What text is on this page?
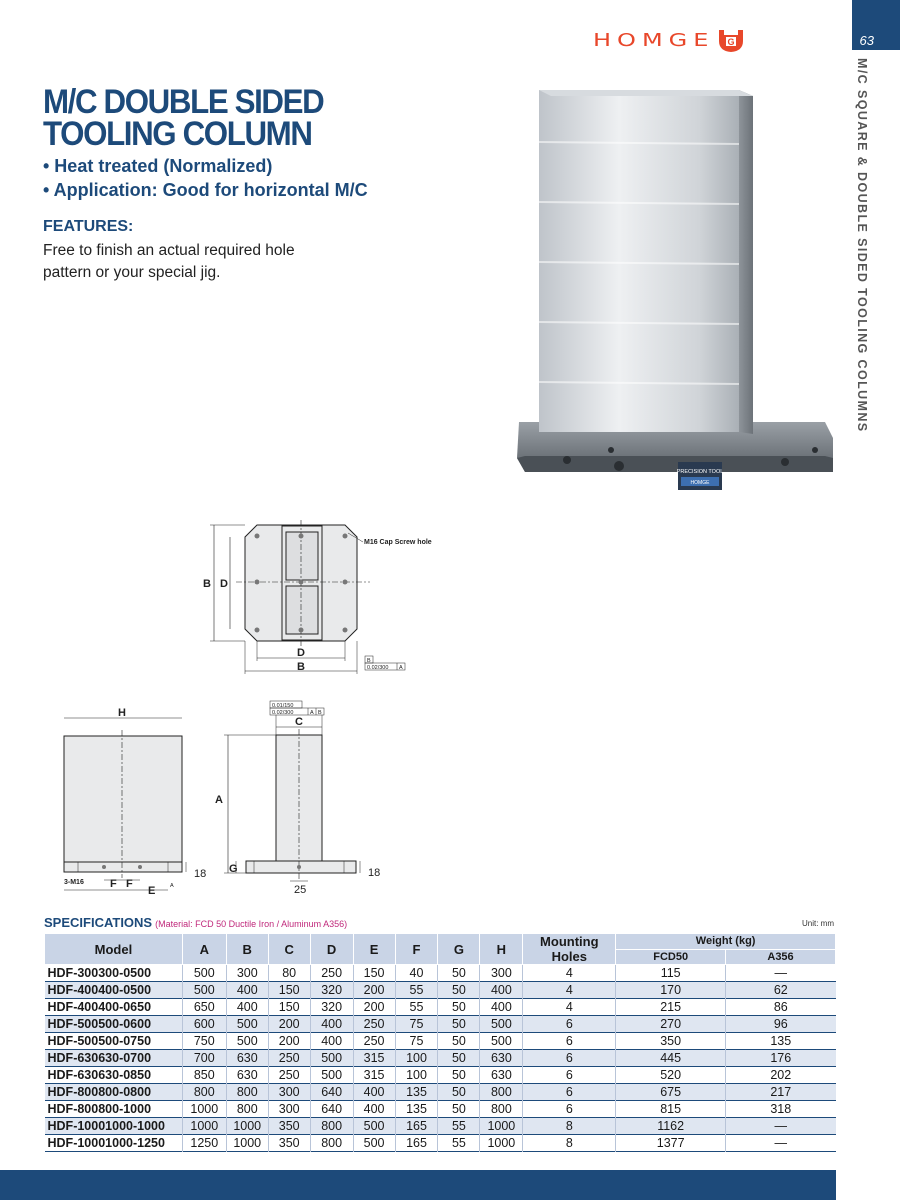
63
M/C SQUARE & DOUBLE SIDED TOOLING COLUMNS
HOMGE G
M/C DOUBLE SIDED
TOOLING COLUMN
• Heat treated (Normalized)
• Application: Good for horizontal M/C
FEATURES:
Free to finish an actual required hole pattern or your special jig.
PRECISION TOOL
HOMGE
B D
D
B
M16 Cap Screw hole
B
0.02/300 A
H
18
3-M16 F F
E	A
0.01/150
0.02/300	A B
C
A
G	18
25
SPECIFICATIONS (Material: FCD 50 Ductile Iron / Aluminum A356)	Unit: mm
Model	A	B	C	D	E	F	G	H	Mounting Holes	Weight (kg)	
										FCD50	A356
HDF-300300-0500	500	300	80	250	150	40	50	300	4	115	—
HDF-400400-0500	500	400	150	320	200	55	50	400	4	170	62
HDF-400400-0650	650	400	150	320	200	55	50	400	4	215	86
HDF-500500-0600	600	500	200	400	250	75	50	500	6	270	96
HDF-500500-0750	750	500	200	400	250	75	50	500	6	350	135
HDF-630630-0700	700	630	250	500	315	100	50	630	6	445	176
HDF-630630-0850	850	630	250	500	315	100	50	630	6	520	202
HDF-800800-0800	800	800	300	640	400	135	50	800	6	675	217
HDF-800800-1000	1000	800	300	640	400	135	50	800	6	815	318
HDF-10001000-1000	1000	1000	350	800	500	165	55	1000	8	1162	—
HDF-10001000-1250	1250	1000	350	800	500	165	55	1000	8	1377	—
